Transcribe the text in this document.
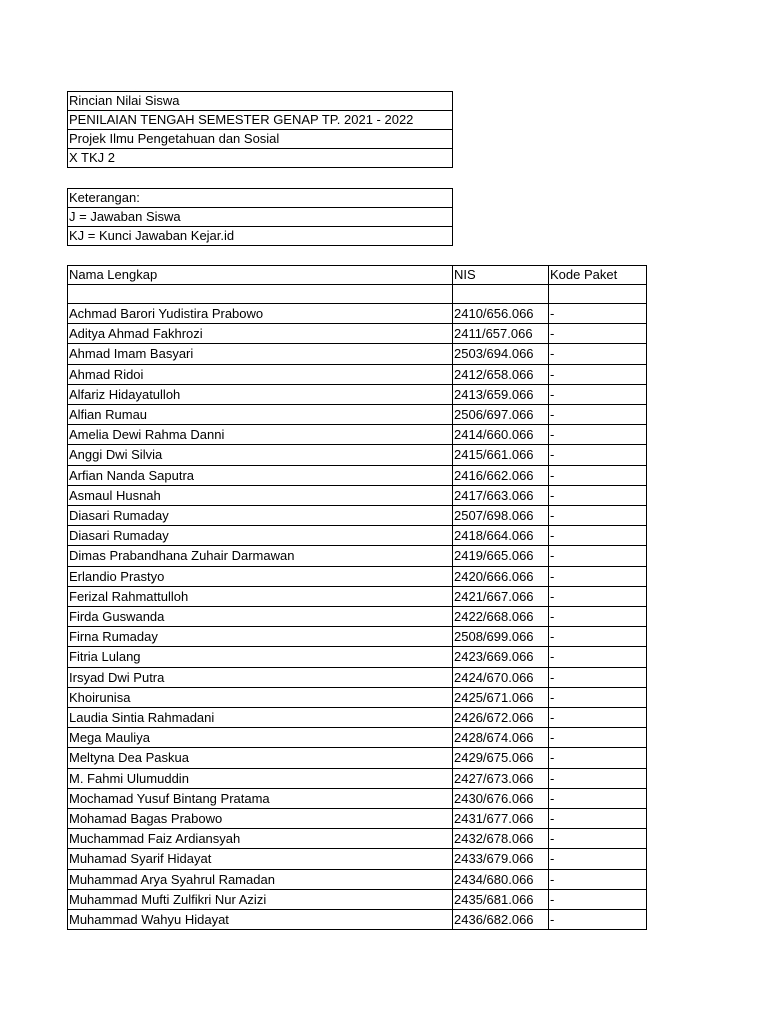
Rincian Nilai Siswa
PENILAIAN TENGAH SEMESTER GENAP TP. 2021 - 2022
Projek Ilmu Pengetahuan dan Sosial
X TKJ 2
Keterangan:
J = Jawaban Siswa
KJ = Kunci Jawaban Kejar.id
Nama Lengkap	NIS	Kode Paket

Achmad Barori Yudistira Prabowo	2410/656.066	-
Aditya Ahmad Fakhrozi	2411/657.066	-
Ahmad Imam Basyari	2503/694.066	-
Ahmad Ridoi	2412/658.066	-
Alfariz Hidayatulloh	2413/659.066	-
Alfian Rumau	2506/697.066	-
Amelia Dewi Rahma Danni	2414/660.066	-
Anggi Dwi Silvia	2415/661.066	-
Arfian Nanda Saputra	2416/662.066	-
Asmaul Husnah	2417/663.066	-
Diasari Rumaday	2507/698.066	-
Diasari Rumaday	2418/664.066	-
Dimas Prabandhana Zuhair Darmawan	2419/665.066	-
Erlandio Prastyo	2420/666.066	-
Ferizal Rahmattulloh	2421/667.066	-
Firda Guswanda	2422/668.066	-
Firna Rumaday	2508/699.066	-
Fitria Lulang	2423/669.066	-
Irsyad Dwi Putra	2424/670.066	-
Khoirunisa	2425/671.066	-
Laudia Sintia Rahmadani	2426/672.066	-
Mega Mauliya	2428/674.066	-
Meltyna Dea Paskua	2429/675.066	-
M. Fahmi Ulumuddin	2427/673.066	-
Mochamad Yusuf Bintang Pratama	2430/676.066	-
Mohamad Bagas Prabowo	2431/677.066	-
Muchammad Faiz Ardiansyah	2432/678.066	-
Muhamad Syarif Hidayat	2433/679.066	-
Muhammad Arya Syahrul Ramadan	2434/680.066	-
Muhammad Mufti Zulfikri Nur Azizi	2435/681.066	-
Muhammad Wahyu Hidayat	2436/682.066	-
